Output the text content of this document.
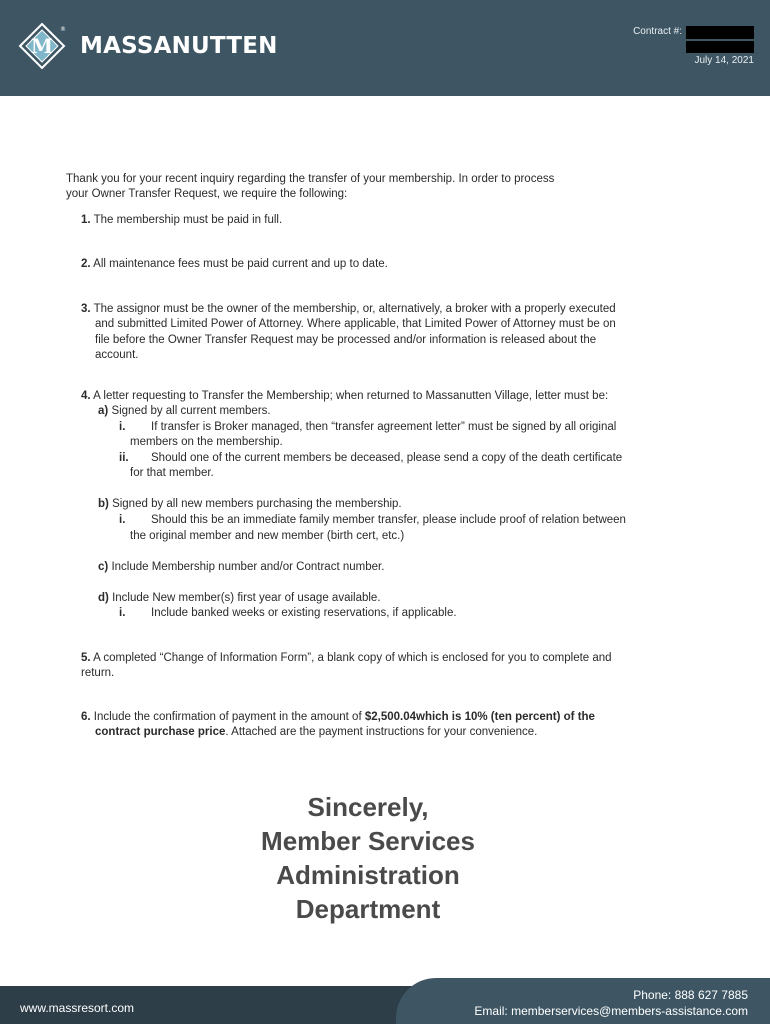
M
®
MASSANUTTEN
Contract #:
July 14, 2021
Thank you for your recent inquiry regarding the transfer of your membership. In order to process
your Owner Transfer Request, we require the following:
1. The membership must be paid in full.
2. All maintenance fees must be paid current and up to date.
3. The assignor must be the owner of the membership, or, alternatively, a broker with a properly executed
and submitted Limited Power of Attorney. Where applicable, that Limited Power of Attorney must be on
file before the Owner Transfer Request may be processed and/or information is released about the
account.
4. A letter requesting to Transfer the Membership; when returned to Massanutten Village, letter must be:
a) Signed by all current members.
i. If transfer is Broker managed, then “transfer agreement letter” must be signed by all original
members on the membership.
ii. Should one of the current members be deceased, please send a copy of the death certificate
for that member.
b) Signed by all new members purchasing the membership.
i. Should this be an immediate family member transfer, please include proof of relation between
the original member and new member (birth cert, etc.)
c) Include Membership number and/or Contract number.
d) Include New member(s) first year of usage available.
i. Include banked weeks or existing reservations, if applicable.
5. A completed “Change of Information Form”, a blank copy of which is enclosed for you to complete and
return.
6. Include the confirmation of payment in the amount of $2,500.04which is 10% (ten percent) of the
contract purchase price. Attached are the payment instructions for your convenience.
Sincerely,
Member Services
Administration
Department
www.massresort.com
Phone: 888 627 7885
Email: memberservices@members-assistance.com
